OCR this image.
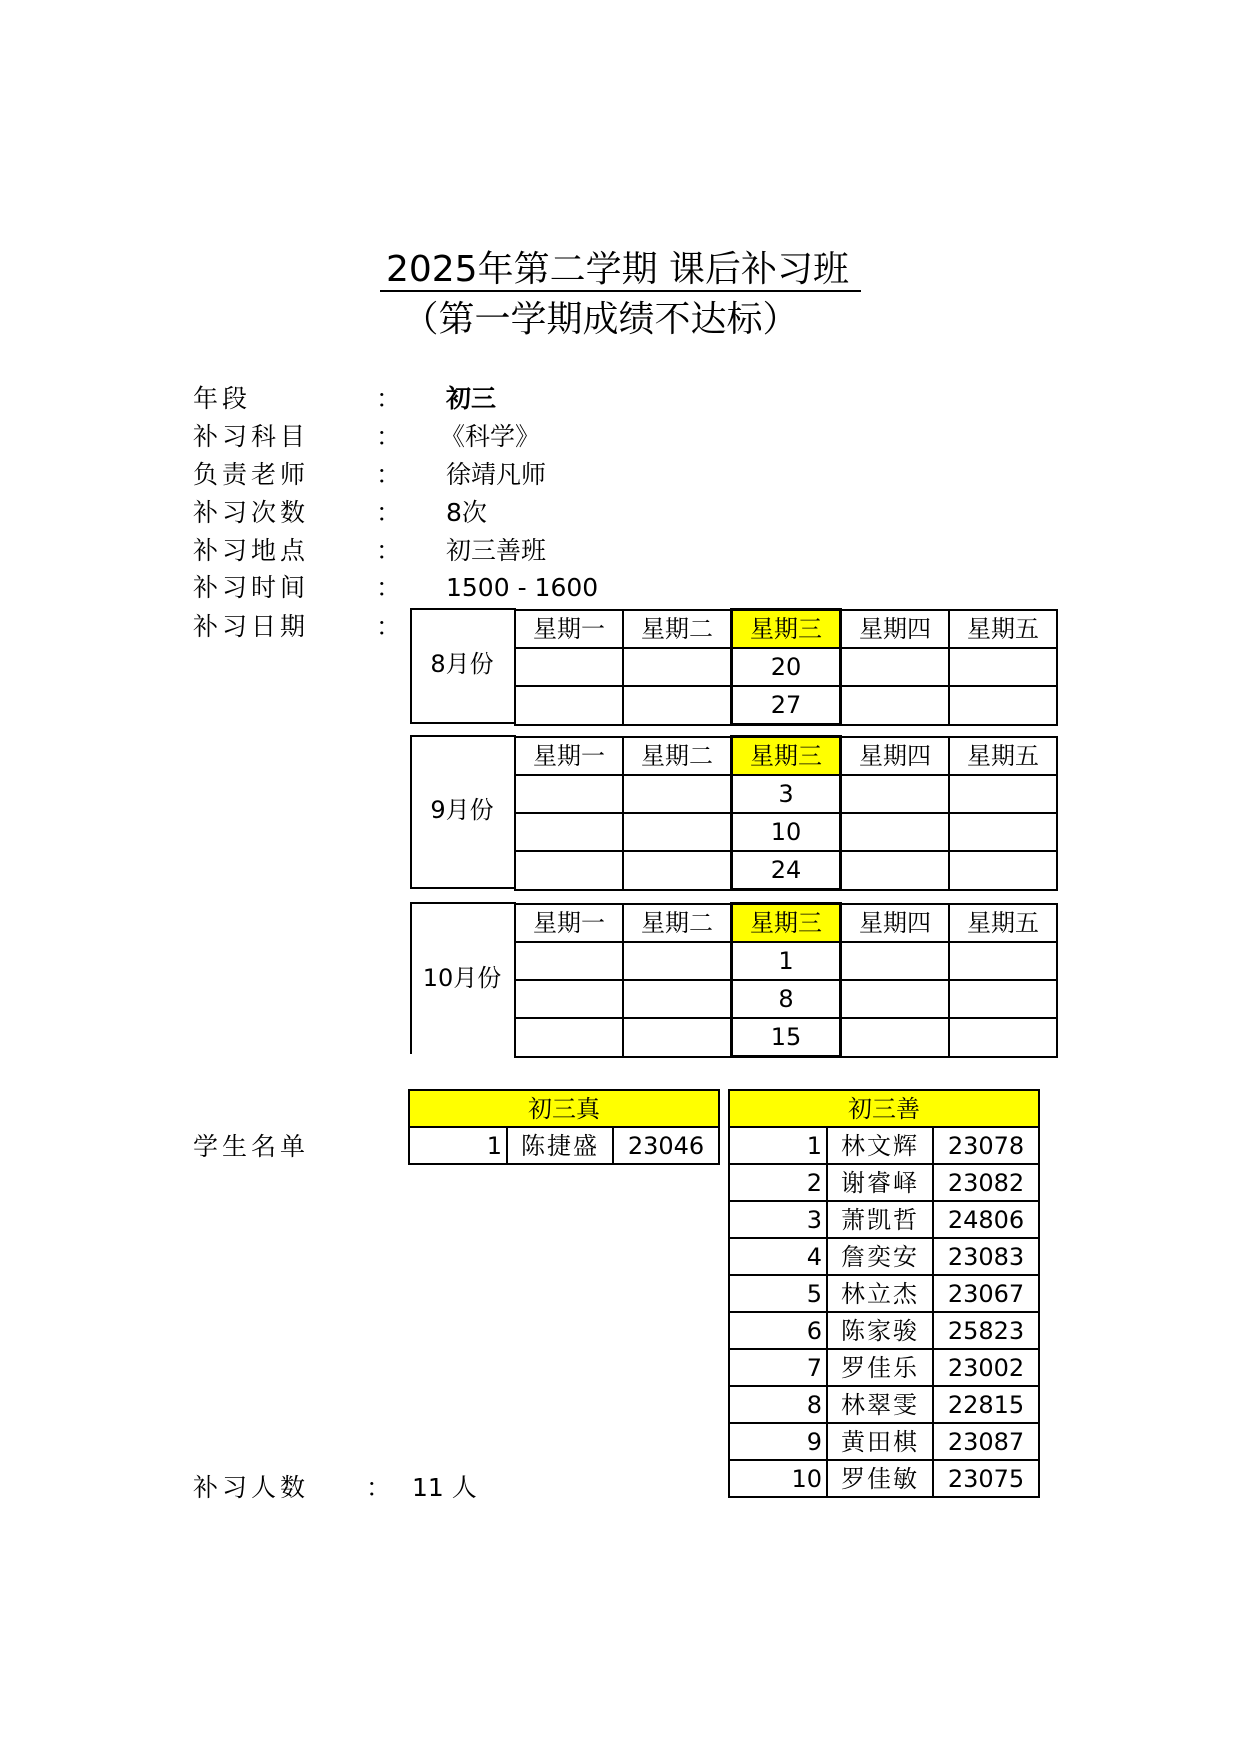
2025年第二学期 课后补习班
（第一学期成绩不达标）
年段	： 初三
补习科目	： 《科学》
负责老师	： 徐靖凡师
补习次数	： 8次
补习地点	： 初三善班
补习时间	： 1500 - 1600
补习日期	：
8月份
星期一	星期二	星期三	星期四	星期五
		20		
		27		
9月份
星期一	星期二	星期三	星期四	星期五
		3		
		10		
		24		
10月份
星期一	星期二	星期三	星期四	星期五
		1		
		8		
		15		
学生名单
初三真
1	陈捷盛	23046
初三善		
1	林文辉	23078
2	谢睿峄	23082
3	萧凯哲	24806
4	詹奕安	23083
5	林立杰	23067
6	陈家骏	25823
7	罗佳乐	23002
8	林翠雯	22815
9	黄田棋	23087
10	罗佳敏	23075
补习人数 ： 11 人
